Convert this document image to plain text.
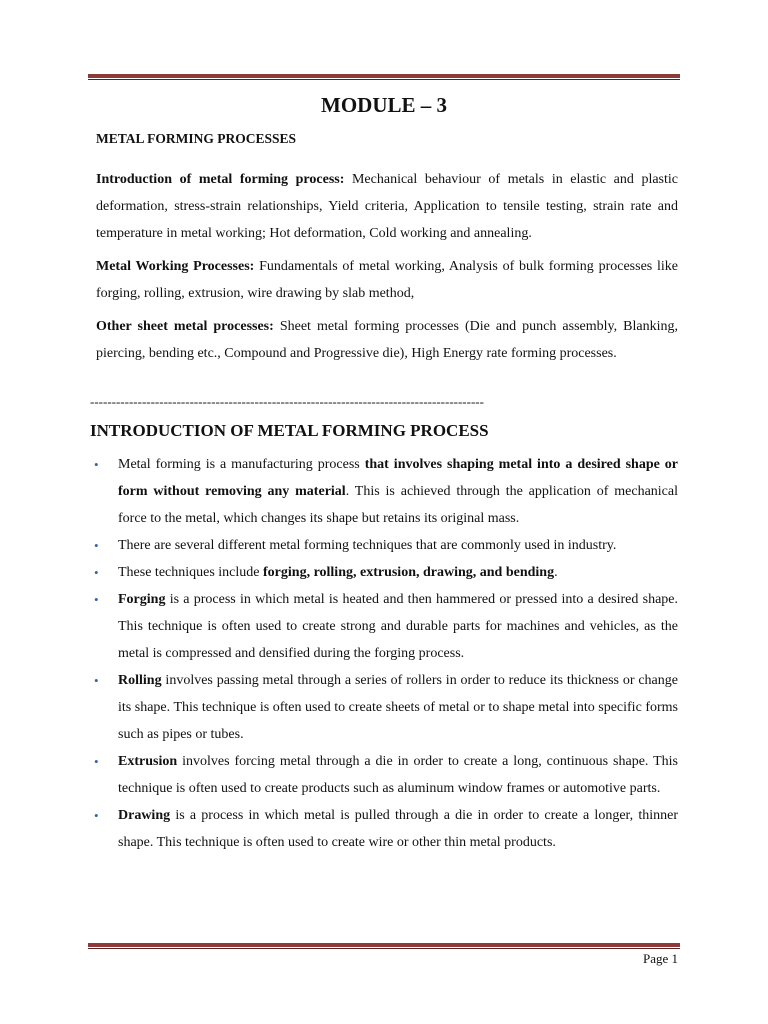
MODULE – 3
METAL FORMING PROCESSES

Introduction of metal forming process: Mechanical behaviour of metals in elastic and plastic deformation, stress-strain relationships, Yield criteria, Application to tensile testing, strain rate and temperature in metal working; Hot deformation, Cold working and annealing.

Metal Working Processes: Fundamentals of metal working, Analysis of bulk forming processes like forging, rolling, extrusion, wire drawing by slab method,

Other sheet metal processes: Sheet metal forming processes (Die and punch assembly, Blanking, piercing, bending etc., Compound and Progressive die), High Energy rate forming processes.

-------------------------------------------------------------------------------------------
INTRODUCTION OF METAL FORMING PROCESS
• Metal forming is a manufacturing process that involves shaping metal into a desired shape or form without removing any material. This is achieved through the application of mechanical force to the metal, which changes its shape but retains its original mass.
• There are several different metal forming techniques that are commonly used in industry.
• These techniques include forging, rolling, extrusion, drawing, and bending.
• Forging is a process in which metal is heated and then hammered or pressed into a desired shape. This technique is often used to create strong and durable parts for machines and vehicles, as the metal is compressed and densified during the forging process.
• Rolling involves passing metal through a series of rollers in order to reduce its thickness or change its shape. This technique is often used to create sheets of metal or to shape metal into specific forms such as pipes or tubes.
• Extrusion involves forcing metal through a die in order to create a long, continuous shape. This technique is often used to create products such as aluminum window frames or automotive parts.
• Drawing is a process in which metal is pulled through a die in order to create a longer, thinner shape. This technique is often used to create wire or other thin metal products.
Page 1
